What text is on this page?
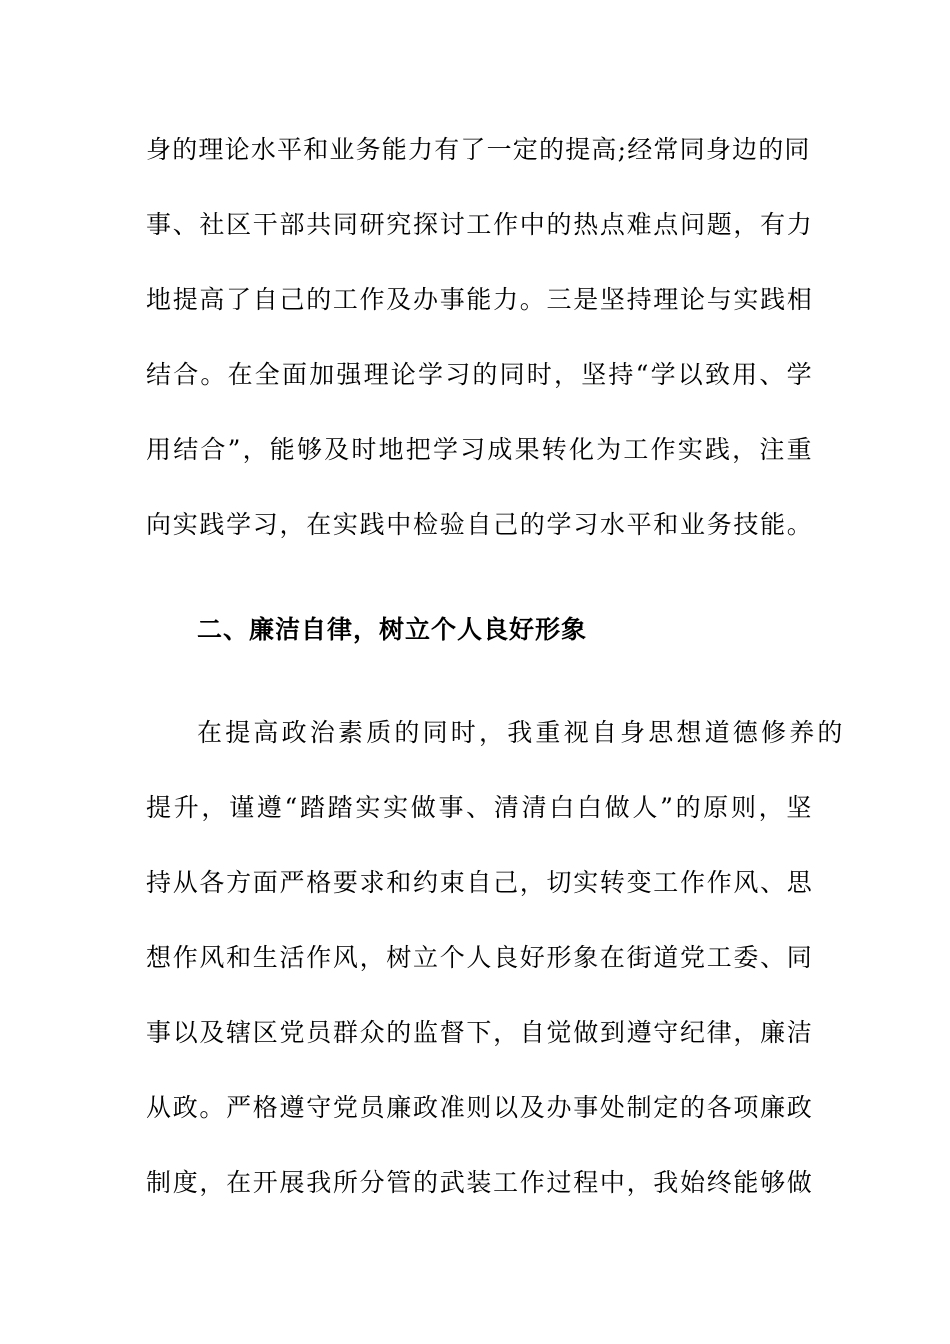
身的理论水平和业务能力有了一定的提高;经常同身边的同
事、社区干部共同研究探讨工作中的热点难点问题，有力
地提高了自己的工作及办事能力。三是坚持理论与实践相
结合。在全面加强理论学习的同时，坚持“学以致用、学
用结合”，能够及时地把学习成果转化为工作实践，注重
向实践学习，在实践中检验自己的学习水平和业务技能。
二、廉洁自律，树立个人良好形象
在提高政治素质的同时，我重视自身思想道德修养的
提升，谨遵“踏踏实实做事、清清白白做人”的原则，坚
持从各方面严格要求和约束自己，切实转变工作作风、思
想作风和生活作风，树立个人良好形象在街道党工委、同
事以及辖区党员群众的监督下，自觉做到遵守纪律，廉洁
从政。严格遵守党员廉政准则以及办事处制定的各项廉政
制度，在开展我所分管的武装工作过程中，我始终能够做
